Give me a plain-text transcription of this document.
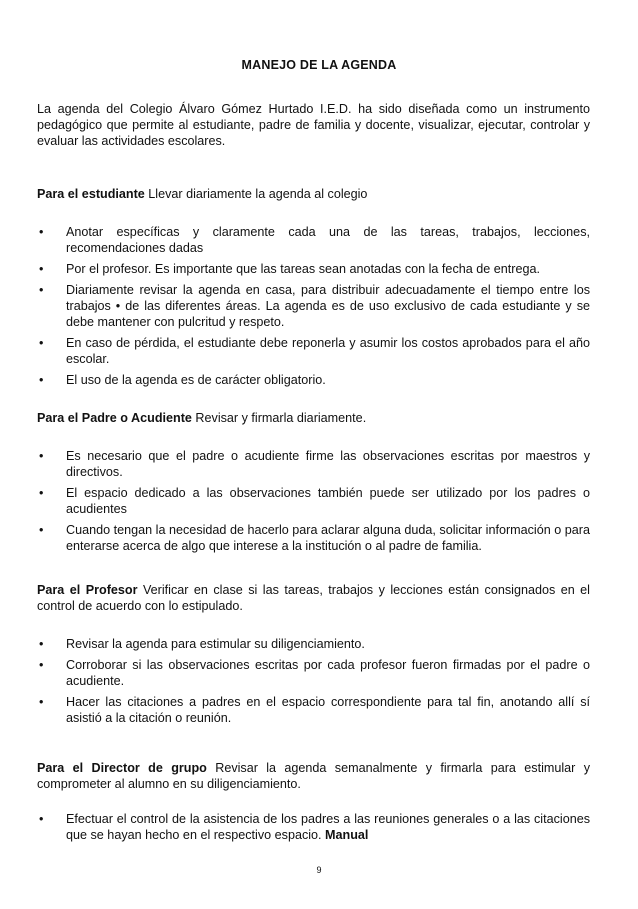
MANEJO DE LA AGENDA
La agenda del Colegio Álvaro Gómez Hurtado I.E.D. ha sido diseñada como un instrumento pedagógico que permite al estudiante, padre de familia y docente, visualizar, ejecutar, controlar y evaluar las actividades escolares.
Para el estudiante Llevar diariamente la agenda al colegio
• Anotar específicas y claramente cada una de las tareas, trabajos, lecciones, recomendaciones dadas
• Por el profesor. Es importante que las tareas sean anotadas con la fecha de entrega.
• Diariamente revisar la agenda en casa, para distribuir adecuadamente el tiempo entre los trabajos • de las diferentes áreas. La agenda es de uso exclusivo de cada estudiante y se debe mantener con pulcritud y respeto.
• En caso de pérdida, el estudiante debe reponerla y asumir los costos aprobados para el año escolar.
• El uso de la agenda es de carácter obligatorio.
Para el Padre o Acudiente Revisar y firmarla diariamente.
• Es necesario que el padre o acudiente firme las observaciones escritas por maestros y directivos.
• El espacio dedicado a las observaciones también puede ser utilizado por los padres o acudientes
• Cuando tengan la necesidad de hacerlo para aclarar alguna duda, solicitar información o para enterarse acerca de algo que interese a la institución o al padre de familia.
Para el Profesor Verificar en clase si las tareas, trabajos y lecciones están consignados en el control de acuerdo con lo estipulado.
• Revisar la agenda para estimular su diligenciamiento.
• Corroborar si las observaciones escritas por cada profesor fueron firmadas por el padre o acudiente.
• Hacer las citaciones a padres en el espacio correspondiente para tal fin, anotando allí sí asistió a la citación o reunión.
Para el Director de grupo Revisar la agenda semanalmente y firmarla para estimular y comprometer al alumno en su diligenciamiento.
• Efectuar el control de la asistencia de los padres a las reuniones generales o a las citaciones que se hayan hecho en el respectivo espacio. Manual
9
